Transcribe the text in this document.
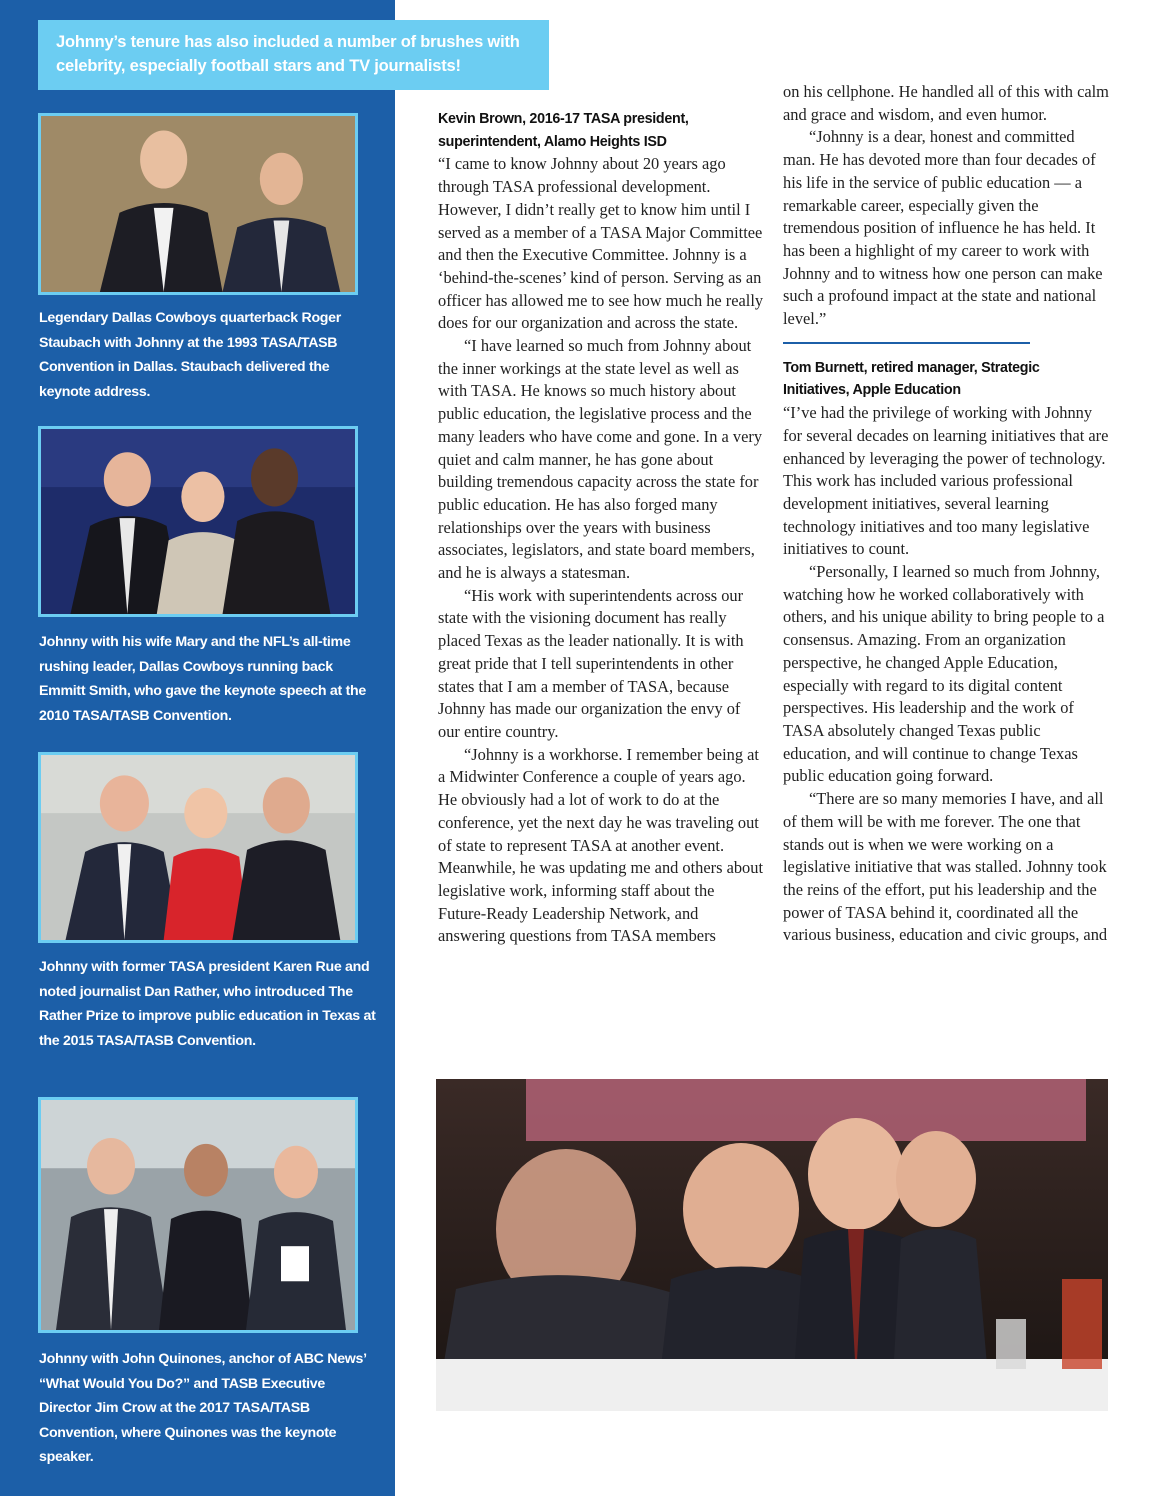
Legendary Dallas Cowboys quarterback Roger Staubach with Johnny at the 1993 TASA/TASB Convention in Dallas. Staubach delivered the keynote address.
Johnny with his wife Mary and the NFL’s all-time rushing leader, Dallas Cowboys running back Emmitt Smith, who gave the keynote speech at the 2010 TASA/TASB Convention.
Johnny with former TASA president Karen Rue and noted journalist Dan Rather, who introduced The Rather Prize to improve public education in Texas at the 2015 TASA/TASB Convention.
Johnny with John Quinones, anchor of ABC News’ “What Would You Do?” and TASB Executive Director Jim Crow at the 2017 TASA/TASB Convention, where Quinones was the keynote speaker.
Johnny’s tenure has also included a number of brushes with celebrity, especially football stars and TV journalists!
Kevin Brown, 2016-17 TASA president, superintendent, Alamo Heights ISD

“I came to know Johnny about 20 years ago through TASA professional development. However, I didn’t really get to know him until I served as a member of a TASA Major Committee and then the Executive Committee. Johnny is a ‘behind-the-scenes’ kind of person. Serving as an officer has allowed me to see how much he really does for our organization and across the state.

“I have learned so much from Johnny about the inner workings at the state level as well as with TASA. He knows so much history about public education, the legislative process and the many leaders who have come and gone. In a very quiet and calm manner, he has gone about building tremendous capacity across the state for public education. He has also forged many relationships over the years with business associates, legislators, and state board members, and he is always a statesman.

“His work with superintendents across our state with the visioning document has really placed Texas as the leader nationally. It is with great pride that I tell superintendents in other states that I am a member of TASA, because Johnny has made our organization the envy of our entire country.

“Johnny is a workhorse. I remember being at a Midwinter Conference a couple of years ago. He obviously had a lot of work to do at the conference, yet the next day he was traveling out of state to represent TASA at another event. Meanwhile, he was updating me and others about legislative work, informing staff about the Future-Ready Leadership Network, and answering questions from TASA members

on his cellphone. He handled all of this with calm and grace and wisdom, and even humor.

“Johnny is a dear, honest and committed man. He has devoted more than four decades of his life in the service of public education — a remarkable career, especially given the tremendous position of influence he has held. It has been a highlight of my career to work with Johnny and to witness how one person can make such a profound impact at the state and national level.”

Tom Burnett, retired manager, Strategic Initiatives, Apple Education

“I’ve had the privilege of working with Johnny for several decades on learning initiatives that are enhanced by leveraging the power of technology. This work has included various professional development initiatives, several learning technology initiatives and too many legislative initiatives to count.

“Personally, I learned so much from Johnny, watching how he worked collaboratively with others, and his unique ability to bring people to a consensus. Amazing. From an organization perspective, he changed Apple Education, especially with regard to its digital content perspectives. His leadership and the work of TASA absolutely changed Texas public education, and will continue to change Texas public education going forward.

“There are so many memories I have, and all of them will be with me forever. The one that stands out is when we were working on a legislative initiative that was stalled. Johnny took the reins of the effort, put his leadership and the power of TASA behind it, coordinated all the various business, education and civic groups, and
